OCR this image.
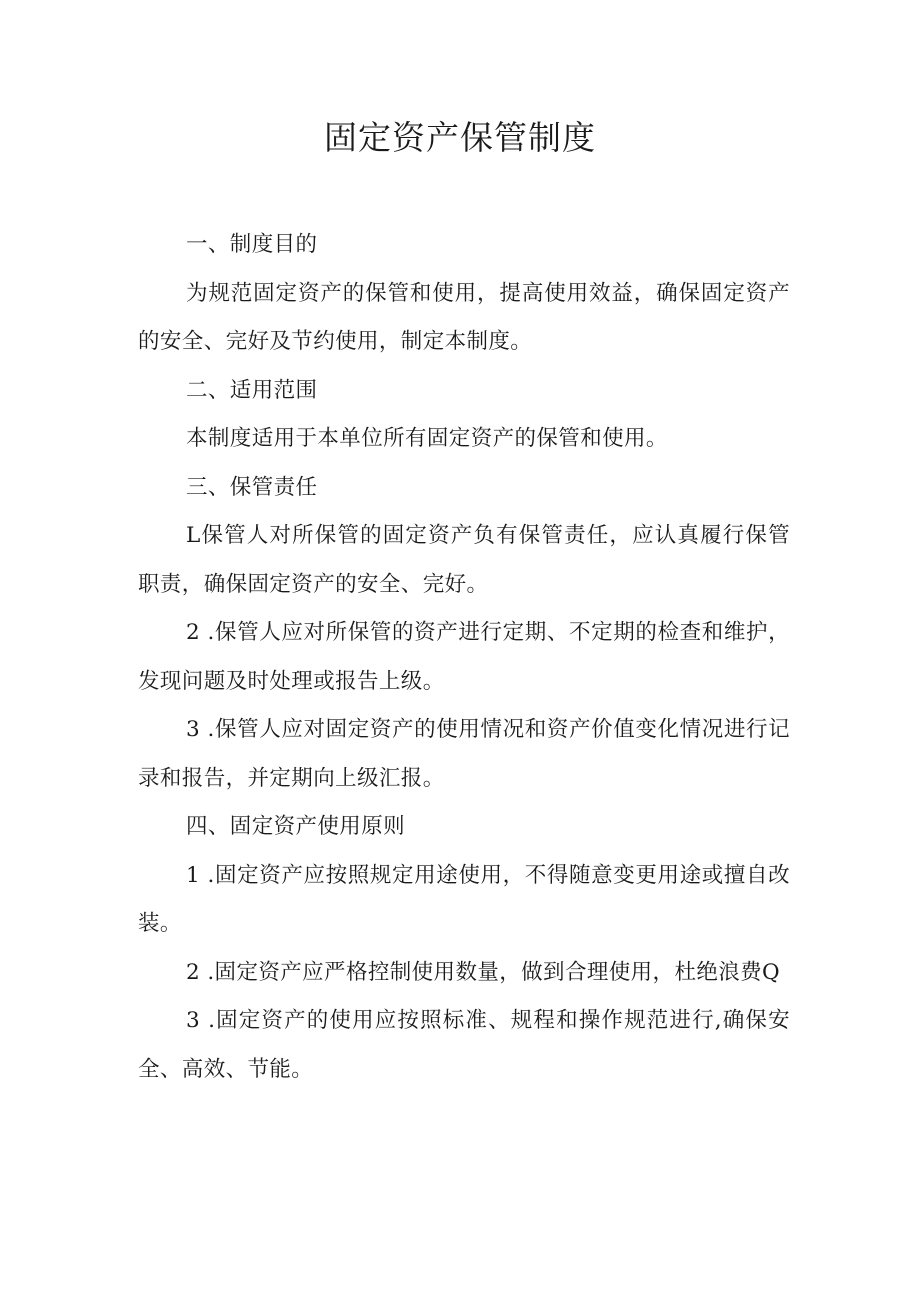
固定资产保管制度

一、制度目的

为规范固定资产的保管和使用，提高使用效益，确保固定资产的安全、完好及节约使用，制定本制度。

二、适用范围

本制度适用于本单位所有固定资产的保管和使用。

三、保管责任

L保管人对所保管的固定资产负有保管责任，应认真履行保管职责，确保固定资产的安全、完好。

2 .保管人应对所保管的资产进行定期、不定期的检查和维护，发现问题及时处理或报告上级。

3 .保管人应对固定资产的使用情况和资产价值变化情况进行记录和报告，并定期向上级汇报。

四、固定资产使用原则

1 .固定资产应按照规定用途使用，不得随意变更用途或擅自改装。

2 .固定资产应严格控制使用数量，做到合理使用，杜绝浪费Q

3 .固定资产的使用应按照标准、规程和操作规范进行,确保安全、高效、节能。
